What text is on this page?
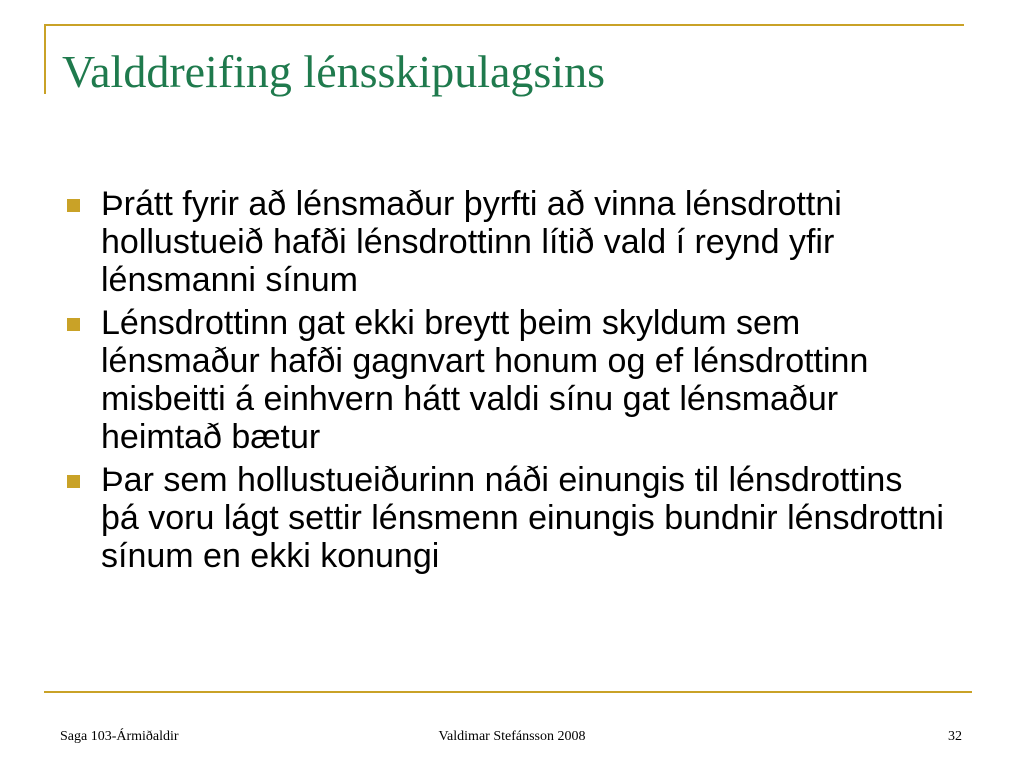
Valddreifing lénsskipulagsins
Þrátt fyrir að lénsmaður þyrfti að vinna lénsdrottni hollustueið hafði lénsdrottinn lítið vald í reynd yfir lénsmanni sínum
Lénsdrottinn gat ekki breytt þeim skyldum sem lénsmaður hafði gagnvart honum og ef lénsdrottinn misbeitti á einhvern hátt valdi sínu gat lénsmaður heimtað bætur
Þar sem hollustueiðurinn náði einungis til lénsdrottins þá voru lágt settir lénsmenn einungis bundnir lénsdrottni sínum en ekki konungi
Saga 103-Ármiðaldir	Valdimar Stefánsson 2008	32
